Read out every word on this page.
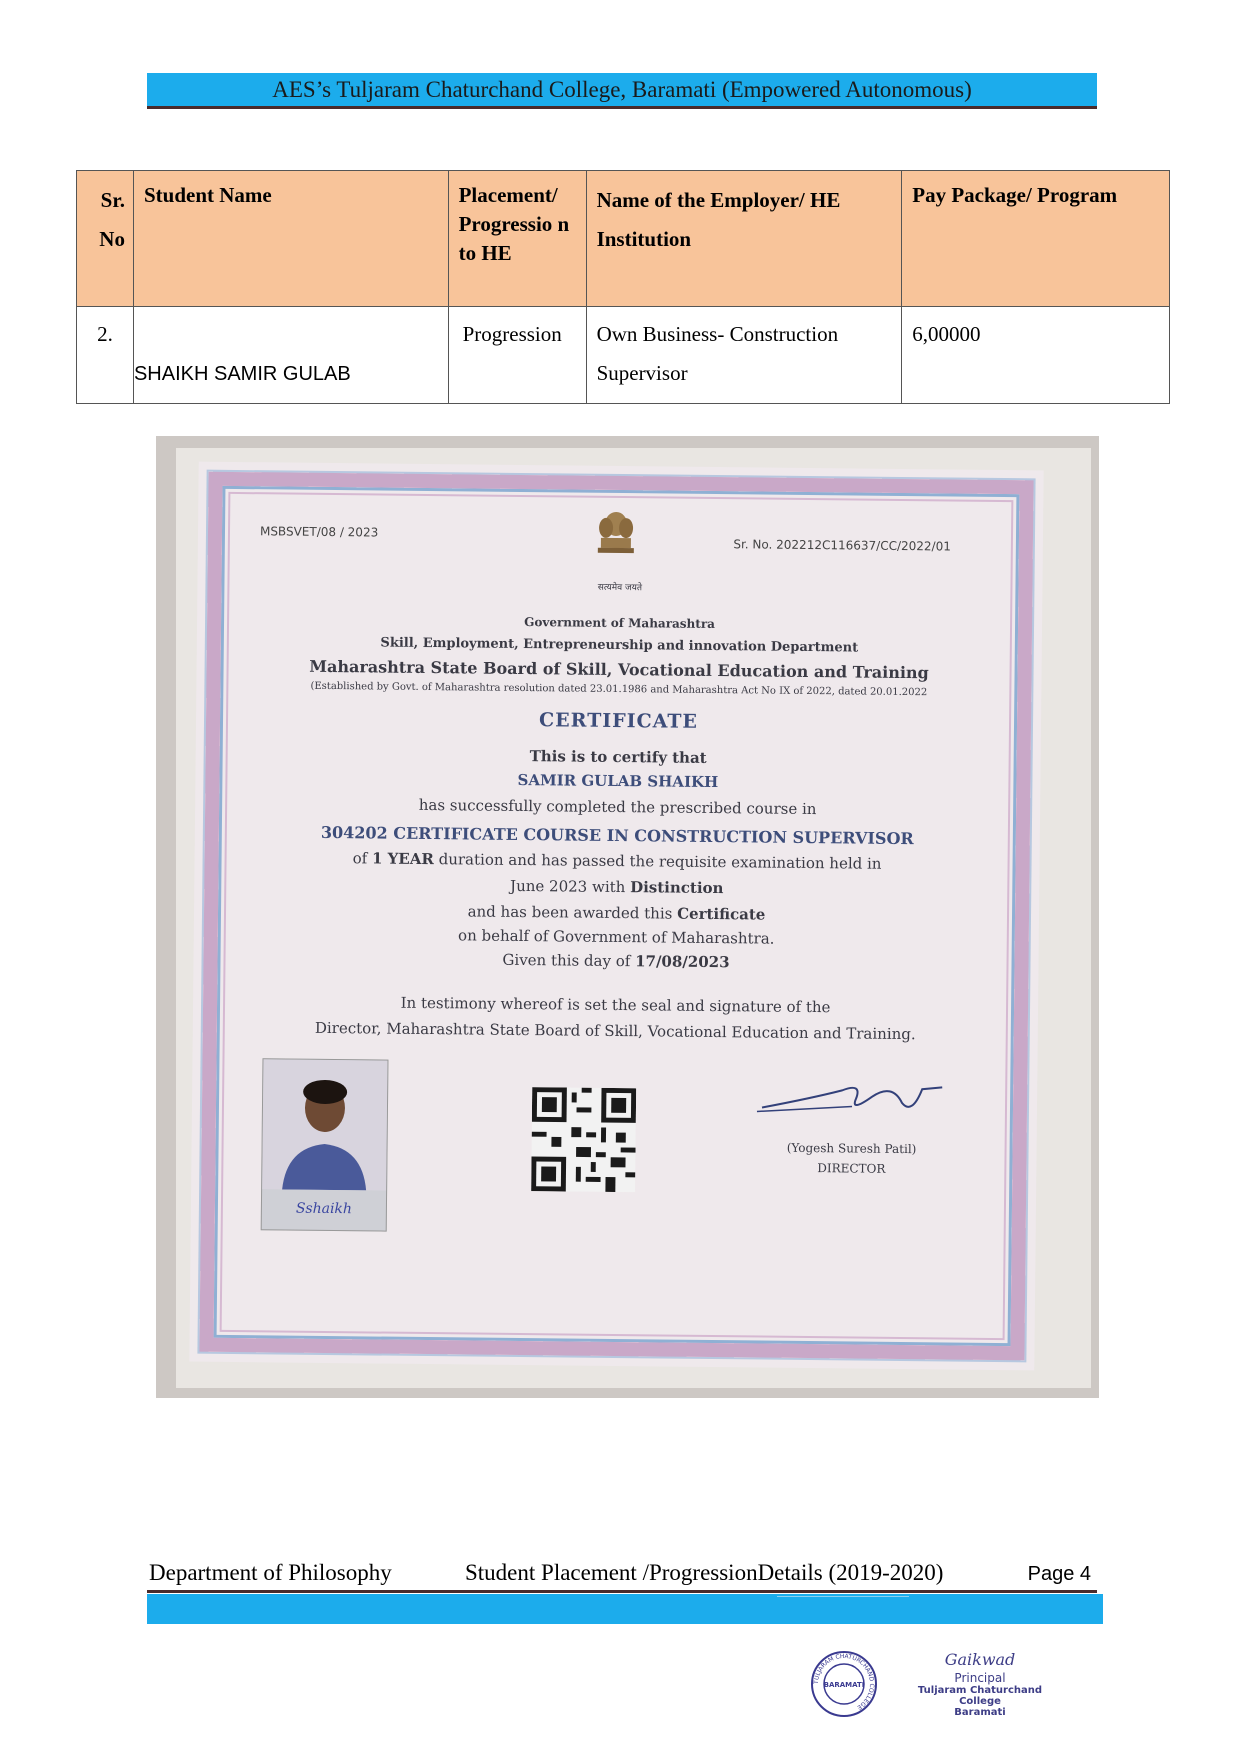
AES’s Tuljaram Chaturchand College, Baramati (Empowered Autonomous)
Sr. No	Student Name	Placement/ Progressio n to HE	Name of the Employer/ HE Institution	Pay Package/ Program

2.	SHAIKH SAMIR GULAB	Progression	Own Business- Construction Supervisor	6,00000
MSBSVET/08 / 2023
Sr. No. 202212C116637/CC/2022/01
सत्यमेव जयते
Government of Maharashtra
Skill, Employment, Entrepreneurship and innovation Department
Maharashtra State Board of Skill, Vocational Education and Training
(Established by Govt. of Maharashtra resolution dated 23.01.1986 and Maharashtra Act No IX of 2022, dated 20.01.2022
CERTIFICATE
This is to certify that
SAMIR GULAB SHAIKH
has successfully completed the prescribed course in
304202 CERTIFICATE COURSE IN CONSTRUCTION SUPERVISOR
of 1 YEAR duration and has passed the requisite examination held in
June 2023 with Distinction
and has been awarded this Certificate
on behalf of Government of Maharashtra.
Given this day of 17/08/2023
In testimony whereof is set the seal and signature of the
Director, Maharashtra State Board of Skill, Vocational Education and Training.
Sshaikh
(Yogesh Suresh Patil)
DIRECTOR
Department of Philosophy	Student Placement /ProgressionDetails (2019-2020)	Page 4
TULJARAM CHATURCHAND COLLEGE
BARAMATI
Gaikwad
Principal
Tuljaram Chaturchand College
Baramati
